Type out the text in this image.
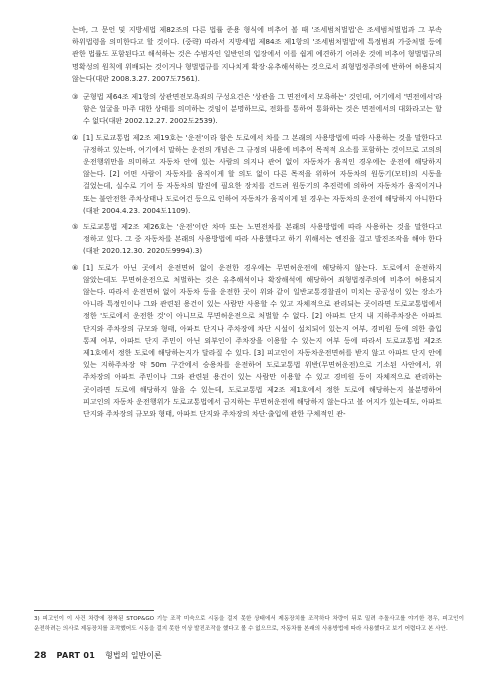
는바, 그 문언 및 지방세법 제82조의 다른 법률 준용 형식에 비추어 볼 때 '조세범처벌법'은 조세범처벌법과 그 부속 하위법령을 의미한다고 할 것이다. (중략) 따라서 지방세법 제84조 제1항의 '조세범처벌법'에 특정범죄 가중처벌 등에 관한 법률도 포함된다고 해석하는 것은 수범자인 일반인의 입장에서 이를 쉽게 예견하기 어려운 것에 비추어 형벌법규의 명확성의 원칙에 위배되는 것이거나 형벌법규를 지나치게 확장·유추해석하는 것으로서 죄형법정주의에 반하여 허용되지 않는다(대판 2008.3.27. 2007도7561).

③ 군형법 제64조 제1항의 상관면전모욕죄의 구성요건은 '상관을 그 면전에서 모욕하는' 것인데, 여기에서 '면전에서'라 함은 얼굴을 마주 대한 상태를 의미하는 것임이 분명하므로, 전화를 통하여 통화하는 것은 면전에서의 대화라고는 할 수 없다(대판 2002.12.27. 2002도2539).
④ [1] 도로교통법 제2조 제19호는 '운전'이라 함은 도로에서 차를 그 본래의 사용방법에 따라 사용하는 것을 말한다고 규정하고 있는바, 여기에서 말하는 운전의 개념은 그 규정의 내용에 비추어 목적적 요소를 포함하는 것이므로 고의의 운전행위만을 의미하고 자동차 안에 있는 사람의 의지나 관여 없이 자동차가 움직인 경우에는 운전에 해당하지 않는다. [2] 어떤 사람이 자동차를 움직이게 할 의도 없이 다른 목적을 위하여 자동차의 원동기(모터)의 시동을 걸었는데, 실수로 기어 등 자동차의 발진에 필요한 장치를 건드려 원동기의 추진력에 의하여 자동차가 움직이거나 또는 불안전한 주차상태나 도로여건 등으로 인하여 자동차가 움직이게 된 경우는 자동차의 운전에 해당하지 아니한다(대판 2004.4.23. 2004도1109).
⑤ 도로교통법 제2조 제26호는 '운전'이란 차마 또는 노면전차를 본래의 사용방법에 따라 사용하는 것을 말한다고 정하고 있다. 그 중 자동차를 본래의 사용방법에 따라 사용했다고 하기 위해서는 엔진을 걸고 발진조작을 해야 한다(대판 2020.12.30. 2020도9994).3)
⑥ [1] 도로가 아닌 곳에서 운전면허 없이 운전한 경우에는 무면허운전에 해당하지 않는다. 도로에서 운전하지 않았는데도 무면허운전으로 처벌하는 것은 유추해석이나 확장해석에 해당하여 죄형법정주의에 비추어 허용되지 않는다. 따라서 운전면허 없이 자동차 등을 운전한 곳이 위와 같이 일반교통경찰권이 미치는 공공성이 있는 장소가 아니라 특정인이나 그와 관련된 용건이 있는 사람만 사용할 수 있고 자체적으로 관리되는 곳이라면 도로교통법에서 정한 '도로에서 운전한 것'이 아니므로 무면허운전으로 처벌할 수 없다. [2] 아파트 단지 내 지하주차장은 아파트 단지와 주차장의 규모와 형태, 아파트 단지나 주차장에 차단 시설이 설치되어 있는지 여부, 경비원 등에 의한 출입 통제 여부, 아파트 단지 주민이 아닌 외부인이 주차장을 이용할 수 있는지 여부 등에 따라서 도로교통법 제2조 제1호에서 정한 도로에 해당하는지가 달라질 수 있다. [3] 피고인이 자동차운전면허를 받지 않고 아파트 단지 안에 있는 지하주차장 약 50m 구간에서 승용차를 운전하여 도로교통법 위반(무면허운전)으로 기소된 사안에서, 위 주차장의 아파트 주민이나 그와 관련된 용건이 있는 사람만 이용할 수 있고 경비원 등이 자체적으로 관리하는 곳이라면 도로에 해당하지 않을 수 있는데, 도로교통법 제2조 제1호에서 정한 도로에 해당하는지 불분명하여 피고인의 자동차 운전행위가 도로교통법에서 금지하는 무면허운전에 해당하지 않는다고 볼 여지가 있는데도, 아파트 단지와 주차장의 규모와 형태, 아파트 단지와 주차장의 차단·출입에 관한 구체적인 관-
3) 피고인이 이 사건 차량에 장착된 STOP&GO 기능 조작 미숙으로 시동을 걸지 못한 상태에서 제동장치를 조작하다 차량이 뒤로 밀려 추돌사고를 야기한 경우, 피고인이 운전하려는 의사로 제동장치를 조작했어도 시동을 걸지 못한 이상 발진조작을 했다고 볼 수 없으므로, 자동차를 본래의 사용방법에 따라 사용했다고 보기 어렵다고 본 사안.
28 PART 01 형법의 일반이론
